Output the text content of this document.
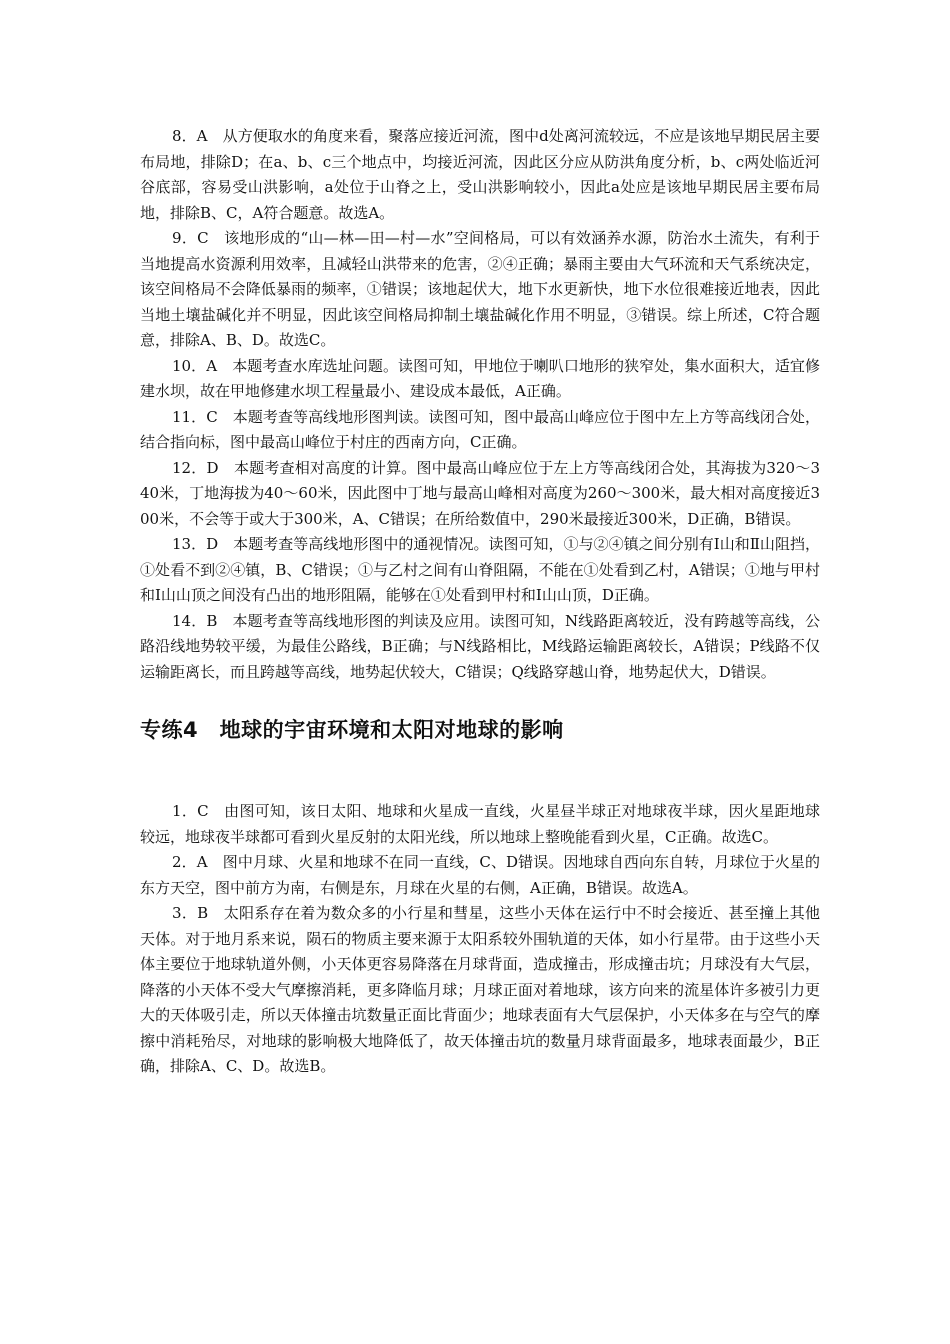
8．A　从方便取水的角度来看，聚落应接近河流，图中d处离河流较远，不应是该地早期民居主要布局地，排除D；在a、b、c三个地点中，均接近河流，因此区分应从防洪角度分析，b、c两处临近河谷底部，容易受山洪影响，a处位于山脊之上，受山洪影响较小，因此a处应是该地早期民居主要布局地，排除B、C，A符合题意。故选A。

9．C　该地形成的“山—林—田—村—水”空间格局，可以有效涵养水源，防治水土流失，有利于当地提高水资源利用效率，且减轻山洪带来的危害，②④正确；暴雨主要由大气环流和天气系统决定，该空间格局不会降低暴雨的频率，①错误；该地起伏大，地下水更新快，地下水位很难接近地表，因此当地土壤盐碱化并不明显，因此该空间格局抑制土壤盐碱化作用不明显，③错误。综上所述，C符合题意，排除A、B、D。故选C。

10．A　本题考查水库选址问题。读图可知，甲地位于喇叭口地形的狭窄处，集水面积大，适宜修建水坝，故在甲地修建水坝工程量最小、建设成本最低，A正确。

11．C　本题考查等高线地形图判读。读图可知，图中最高山峰应位于图中左上方等高线闭合处，结合指向标，图中最高山峰位于村庄的西南方向，C正确。

12．D　本题考查相对高度的计算。图中最高山峰应位于左上方等高线闭合处，其海拔为320～340米，丁地海拔为40～60米，因此图中丁地与最高山峰相对高度为260～300米，最大相对高度接近300米，不会等于或大于300米，A、C错误；在所给数值中，290米最接近300米，D正确，B错误。

13．D　本题考查等高线地形图中的通视情况。读图可知，①与②④镇之间分别有Ⅰ山和Ⅱ山阻挡，①处看不到②④镇，B、C错误；①与乙村之间有山脊阻隔，不能在①处看到乙村，A错误；①地与甲村和Ⅰ山山顶之间没有凸出的地形阻隔，能够在①处看到甲村和Ⅰ山山顶，D正确。

14．B　本题考查等高线地形图的判读及应用。读图可知，N线路距离较近，没有跨越等高线，公路沿线地势较平缓，为最佳公路线，B正确；与N线路相比，M线路运输距离较长，A错误；P线路不仅运输距离长，而且跨越等高线，地势起伏较大，C错误；Q线路穿越山脊，地势起伏大，D错误。

专练4　地球的宇宙环境和太阳对地球的影响

1．C　由图可知，该日太阳、地球和火星成一直线，火星昼半球正对地球夜半球，因火星距地球较远，地球夜半球都可看到火星反射的太阳光线，所以地球上整晚能看到火星，C正确。故选C。

2．A　图中月球、火星和地球不在同一直线，C、D错误。因地球自西向东自转，月球位于火星的东方天空，图中前方为南，右侧是东，月球在火星的右侧，A正确，B错误。故选A。

3．B　太阳系存在着为数众多的小行星和彗星，这些小天体在运行中不时会接近、甚至撞上其他天体。对于地月系来说，陨石的物质主要来源于太阳系较外围轨道的天体，如小行星带。由于这些小天体主要位于地球轨道外侧，小天体更容易降落在月球背面，造成撞击，形成撞击坑；月球没有大气层，降落的小天体不受大气摩擦消耗，更多降临月球；月球正面对着地球，该方向来的流星体许多被引力更大的天体吸引走，所以天体撞击坑数量正面比背面少；地球表面有大气层保护，小天体多在与空气的摩擦中消耗殆尽，对地球的影响极大地降低了，故天体撞击坑的数量月球背面最多，地球表面最少，B正确，排除A、C、D。故选B。
